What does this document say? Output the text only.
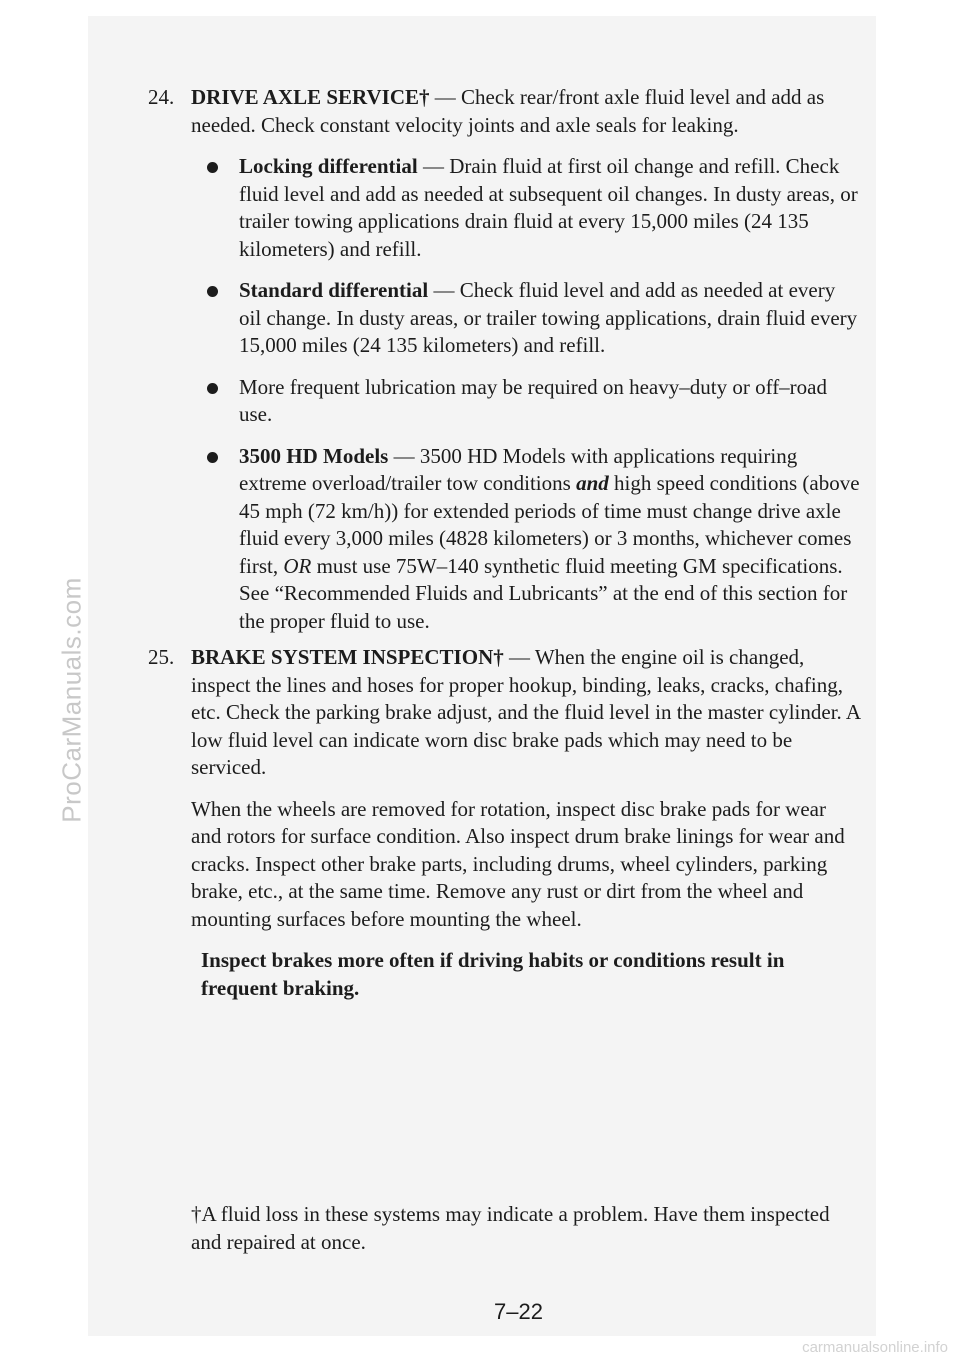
ProCarManuals.com
carmanualsonline.info

24. DRIVE AXLE SERVICE† — Check rear/front axle fluid level and add as needed. Check constant velocity joints and axle seals for leaking.

Locking differential — Drain fluid at first oil change and refill. Check fluid level and add as needed at subsequent oil changes. In dusty areas, or trailer towing applications drain fluid at every 15,000 miles (24 135 kilometers) and refill.

Standard differential — Check fluid level and add as needed at every oil change. In dusty areas, or trailer towing applications, drain fluid every 15,000 miles (24 135 kilometers) and refill.

More frequent lubrication may be required on heavy–duty or off–road use.

3500 HD Models — 3500 HD Models with applications requiring extreme overload/trailer tow conditions and high speed conditions (above 45 mph (72 km/h)) for extended periods of time must change drive axle fluid every 3,000 miles (4828 kilometers) or 3 months, whichever comes first, OR must use 75W–140 synthetic fluid meeting GM specifications. See “Recommended Fluids and Lubricants” at the end of this section for the proper fluid to use.

25. BRAKE SYSTEM INSPECTION† — When the engine oil is changed, inspect the lines and hoses for proper hookup, binding, leaks, cracks, chafing, etc. Check the parking brake adjust, and the fluid level in the master cylinder. A low fluid level can indicate worn disc brake pads which may need to be serviced.

When the wheels are removed for rotation, inspect disc brake pads for wear and rotors for surface condition. Also inspect drum brake linings for wear and cracks. Inspect other brake parts, including drums, wheel cylinders, parking brake, etc., at the same time. Remove any rust or dirt from the wheel and mounting surfaces before mounting the wheel.

Inspect brakes more often if driving habits or conditions result in frequent braking.

†A fluid loss in these systems may indicate a problem. Have them inspected and repaired at once.

7–22
